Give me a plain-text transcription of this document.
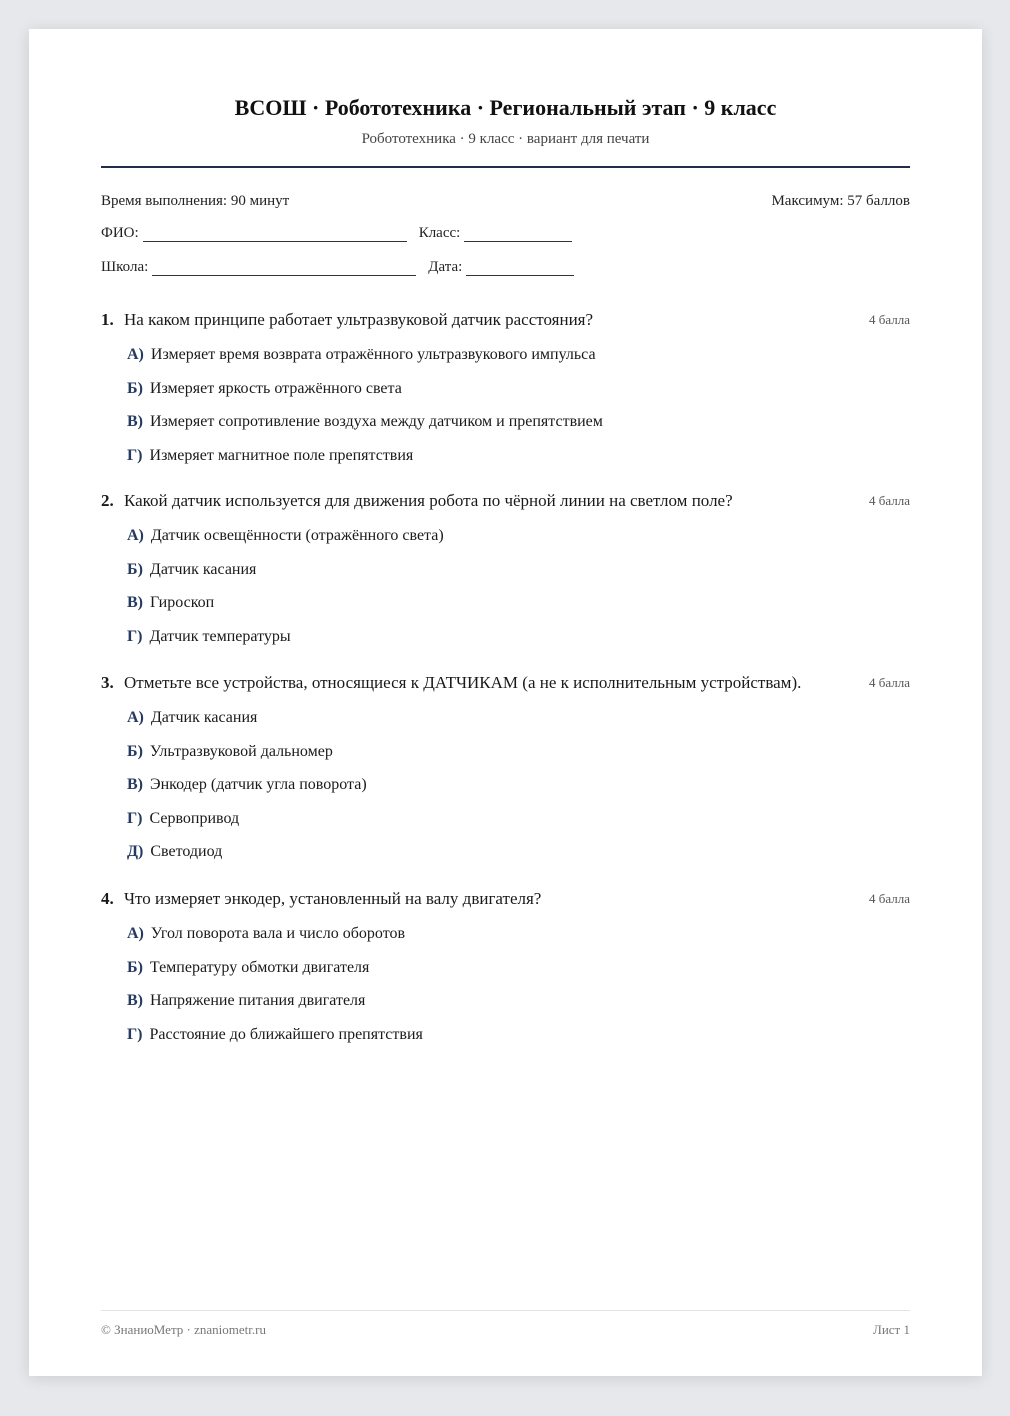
ВСОШ · Робототехника · Региональный этап · 9 класс
Робототехника · 9 класс · вариант для печати
Время выполнения: 90 минут	Максимум: 57 баллов
ФИО:	Класс:
Школа:	Дата:
1. На каком принципе работает ультразвуковой датчик расстояния?	4 балла
А) Измеряет время возврата отражённого ультразвукового импульса
Б) Измеряет яркость отражённого света
В) Измеряет сопротивление воздуха между датчиком и препятствием
Г) Измеряет магнитное поле препятствия
2. Какой датчик используется для движения робота по чёрной линии на светлом поле?	4 балла
А) Датчик освещённости (отражённого света)
Б) Датчик касания
В) Гироскоп
Г) Датчик температуры
3. Отметьте все устройства, относящиеся к ДАТЧИКАМ (а не к исполнительным устройствам).	4 балла
А) Датчик касания
Б) Ультразвуковой дальномер
В) Энкодер (датчик угла поворота)
Г) Сервопривод
Д) Светодиод
4. Что измеряет энкодер, установленный на валу двигателя?	4 балла
А) Угол поворота вала и число оборотов
Б) Температуру обмотки двигателя
В) Напряжение питания двигателя
Г) Расстояние до ближайшего препятствия
© ЗнаниоМетр · znaniometr.ru	Лист 1
